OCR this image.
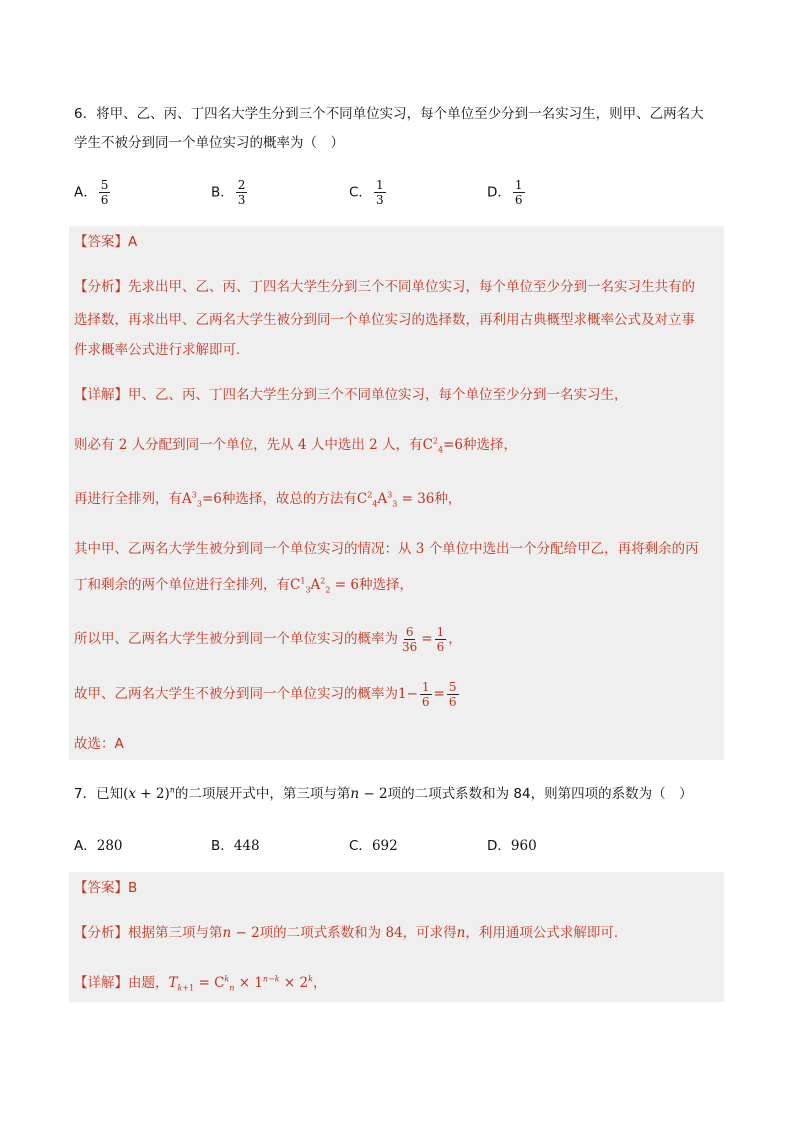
6．将甲、乙、丙、丁四名大学生分到三个不同单位实习，每个单位至少分到一名实习生，则甲、乙两名大
学生不被分到同一个单位实习的概率为（　）
A． $\frac{5}{6}$	B． $\frac{2}{3}$	C． $\frac{1}{3}$	D． $\frac{1}{6}$
【答案】A
【分析】先求出甲、乙、丙、丁四名大学生分到三个不同单位实习，每个单位至少分到一名实习生共有的
选择数，再求出甲、乙两名大学生被分到同一个单位实习的选择数，再利用古典概型求概率公式及对立事
件求概率公式进行求解即可.
【详解】甲、乙、丙、丁四名大学生分到三个不同单位实习，每个单位至少分到一名实习生，
则必有 2 人分配到同一个单位，先从 4 人中选出 2 人，有$C^2_4=6$种选择，
再进行全排列，有$A^3_3=6$种选择，故总的方法有$C^2_4A^3_3 = 36$种，
其中甲、乙两名大学生被分到同一个单位实习的情况：从 3 个单位中选出一个分配给甲乙，再将剩余的丙
丁和剩余的两个单位进行全排列，有$C^1_3A^2_2 = 6$种选择，
所以甲、乙两名大学生被分到同一个单位实习的概率为 $\frac{6}{36} = \frac{1}{6}$ ，
故甲、乙两名大学生不被分到同一个单位实习的概率为$1- \frac{1}{6} = \frac{5}{6}$
故选：A
7．已知$(x + 2)^n$的二项展开式中，第三项与第n − 2项的二项式系数和为 84，则第四项的系数为（　）
A．280	B．448	C．692	D．960
【答案】B
【分析】根据第三项与第n − 2项的二项式系数和为 84，可求得n，利用通项公式求解即可.
【详解】由题，$T_{k+1} = C^k_n \times 1^{n-k} \times 2^k$，
